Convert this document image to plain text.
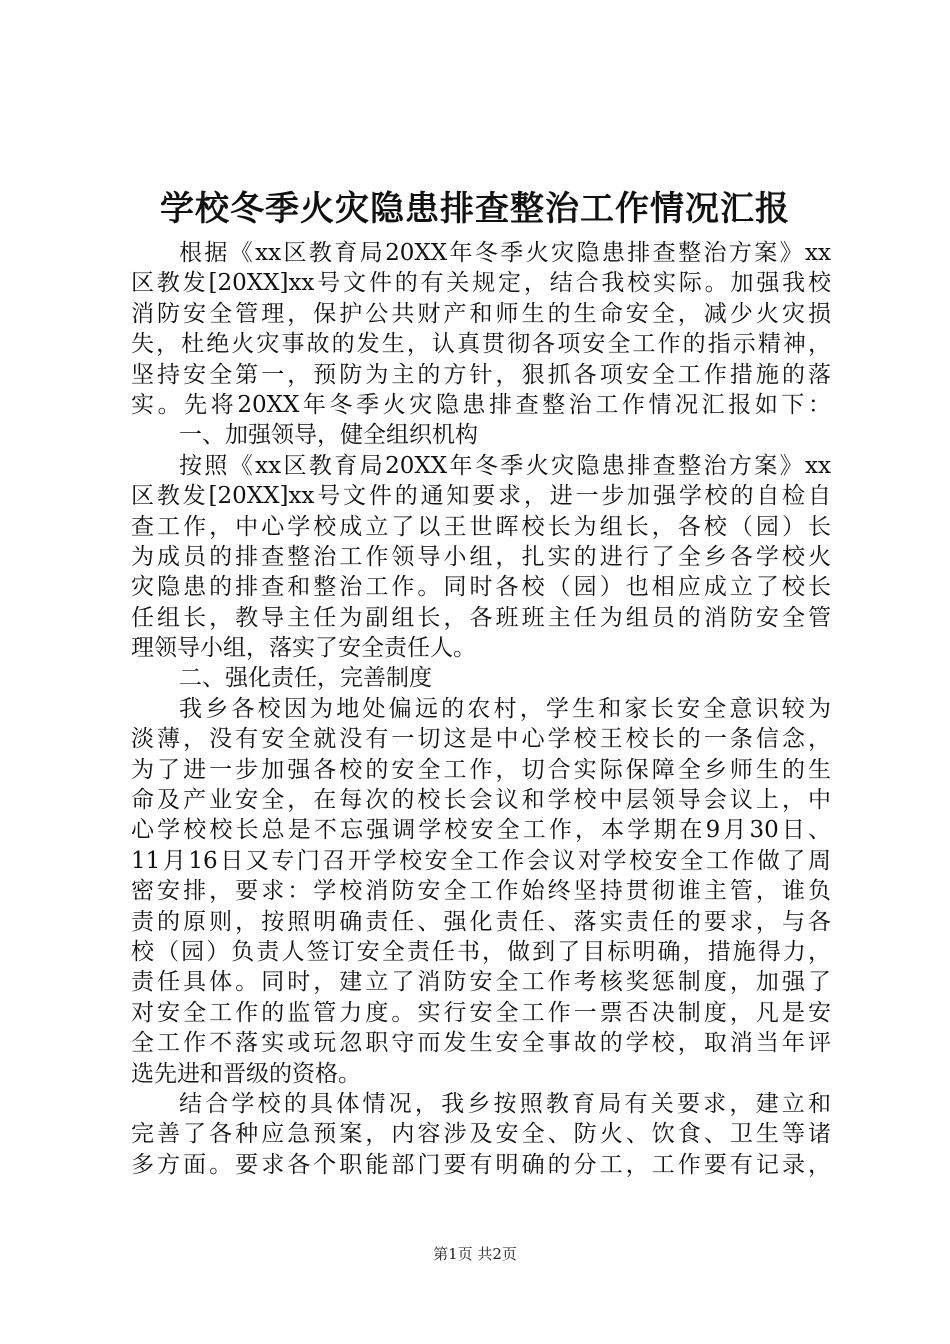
学校冬季火灾隐患排查整治工作情况汇报
根据《xx区教育局20XX年冬季火灾隐患排查整治方案》xx
区教发[20XX]xx号文件的有关规定，结合我校实际。加强我校
消防安全管理，保护公共财产和师生的生命安全，减少火灾损
失，杜绝火灾事故的发生，认真贯彻各项安全工作的指示精神，
坚持安全第一，预防为主的方针，狠抓各项安全工作措施的落
实。先将20XX年冬季火灾隐患排查整治工作情况汇报如下：
一、加强领导，健全组织机构
按照《xx区教育局20XX年冬季火灾隐患排查整治方案》xx
区教发[20XX]xx号文件的通知要求，进一步加强学校的自检自
查工作，中心学校成立了以王世晖校长为组长，各校（园）长
为成员的排查整治工作领导小组，扎实的进行了全乡各学校火
灾隐患的排查和整治工作。同时各校（园）也相应成立了校长
任组长，教导主任为副组长，各班班主任为组员的消防安全管
理领导小组，落实了安全责任人。
二、强化责任，完善制度
我乡各校因为地处偏远的农村，学生和家长安全意识较为
淡薄，没有安全就没有一切这是中心学校王校长的一条信念，
为了进一步加强各校的安全工作，切合实际保障全乡师生的生
命及产业安全，在每次的校长会议和学校中层领导会议上，中
心学校校长总是不忘强调学校安全工作，本学期在9月30日、
11月16日又专门召开学校安全工作会议对学校安全工作做了周
密安排，要求：学校消防安全工作始终坚持贯彻谁主管，谁负
责的原则，按照明确责任、强化责任、落实责任的要求，与各
校（园）负责人签订安全责任书，做到了目标明确，措施得力，
责任具体。同时，建立了消防安全工作考核奖惩制度，加强了
对安全工作的监管力度。实行安全工作一票否决制度，凡是安
全工作不落实或玩忽职守而发生安全事故的学校，取消当年评
选先进和晋级的资格。
结合学校的具体情况，我乡按照教育局有关要求，建立和
完善了各种应急预案，内容涉及安全、防火、饮食、卫生等诸
多方面。要求各个职能部门要有明确的分工，工作要有记录，
第1页 共2页
